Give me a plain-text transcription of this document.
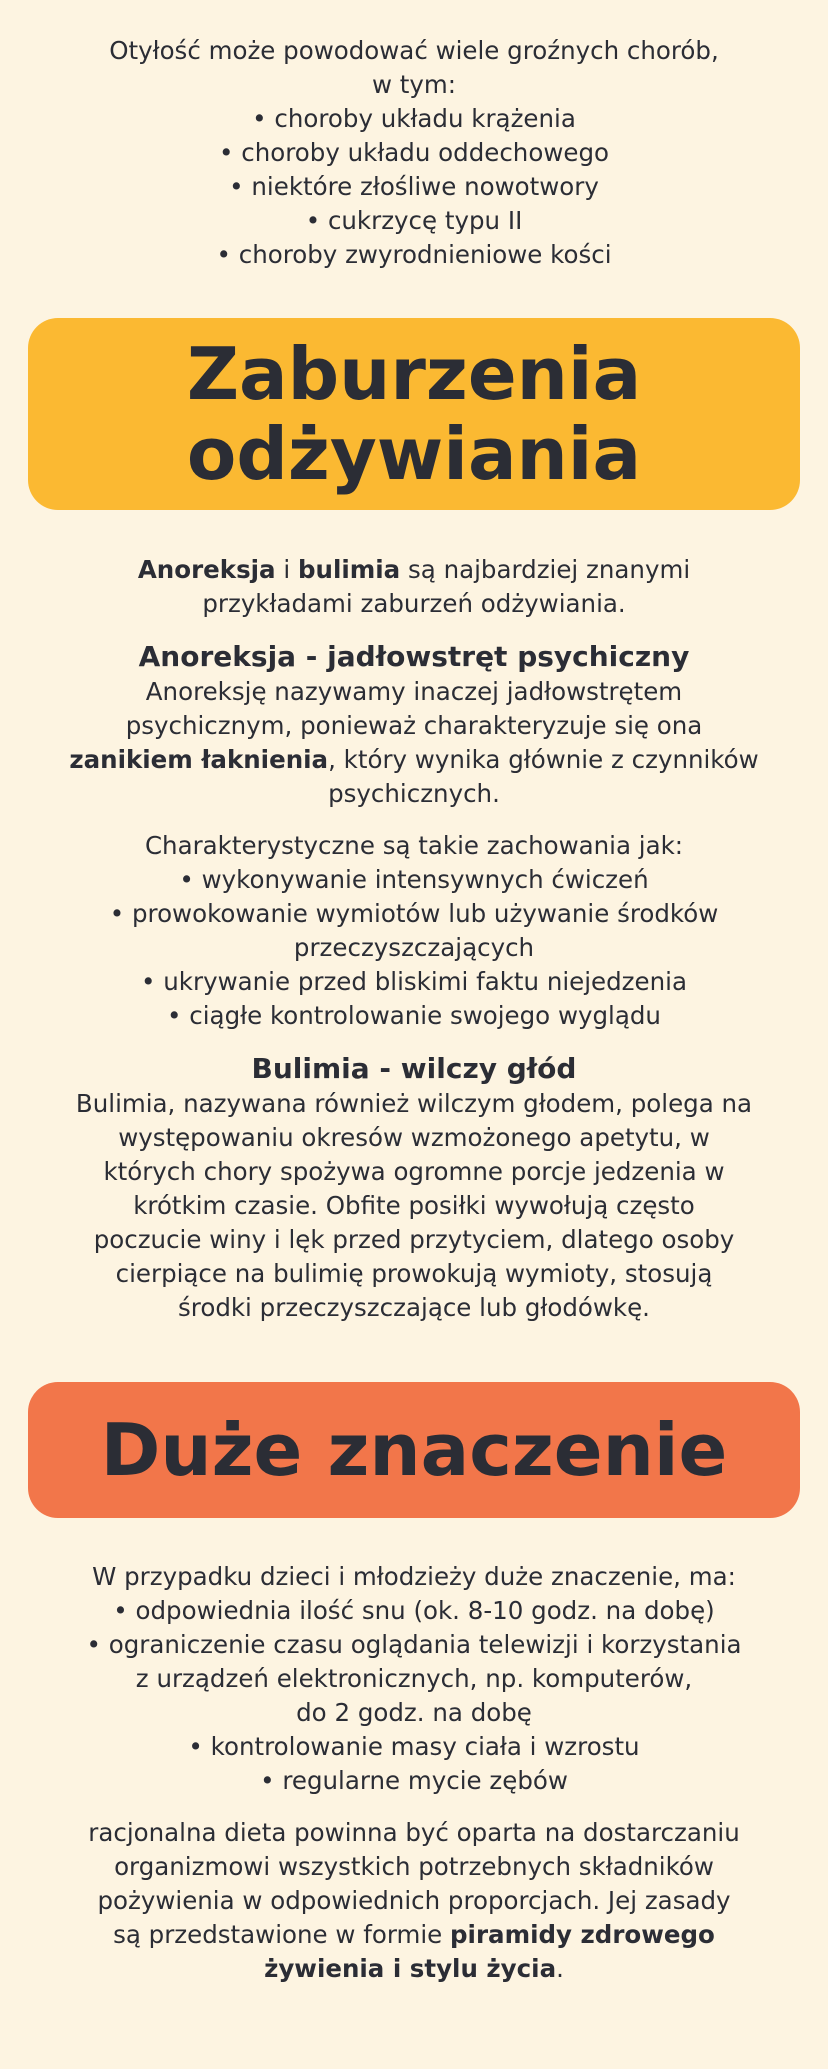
Otyłość może powodować wiele groźnych chorób,

w tym:

• choroby układu krążenia

• choroby układu oddechowego

• niektóre złośliwe nowotwory

• cukrzycę typu II

• choroby zwyrodnieniowe kości

Zaburzenia
odżywiania

Anoreksja i bulimia są najbardziej znanymi

przykładami zaburzeń odżywiania.

Anoreksja - jadłowstręt psychiczny

Anoreksję nazywamy inaczej jadłowstrętem

psychicznym, ponieważ charakteryzuje się ona

zanikiem łaknienia, który wynika głównie z czynników

psychicznych.

Charakterystyczne są takie zachowania jak:

• wykonywanie intensywnych ćwiczeń

• prowokowanie wymiotów lub używanie środków

przeczyszczających

• ukrywanie przed bliskimi faktu niejedzenia

• ciągłe kontrolowanie swojego wyglądu

Bulimia - wilczy głód

Bulimia, nazywana również wilczym głodem, polega na

występowaniu okresów wzmożonego apetytu, w

których chory spożywa ogromne porcje jedzenia w

krótkim czasie. Obfite posiłki wywołują często

poczucie winy i lęk przed przytyciem, dlatego osoby

cierpiące na bulimię prowokują wymioty, stosują

środki przeczyszczające lub głodówkę.

Duże znaczenie

W przypadku dzieci i młodzieży duże znaczenie, ma:

• odpowiednia ilość snu (ok. 8-10 godz. na dobę)

• ograniczenie czasu oglądania telewizji i korzystania

z urządzeń elektronicznych, np. komputerów,

do 2 godz. na dobę

• kontrolowanie masy ciała i wzrostu

• regularne mycie zębów

racjonalna dieta powinna być oparta na dostarczaniu

organizmowi wszystkich potrzebnych składników

pożywienia w odpowiednich proporcjach. Jej zasady

są przedstawione w formie piramidy zdrowego

żywienia i stylu życia.
